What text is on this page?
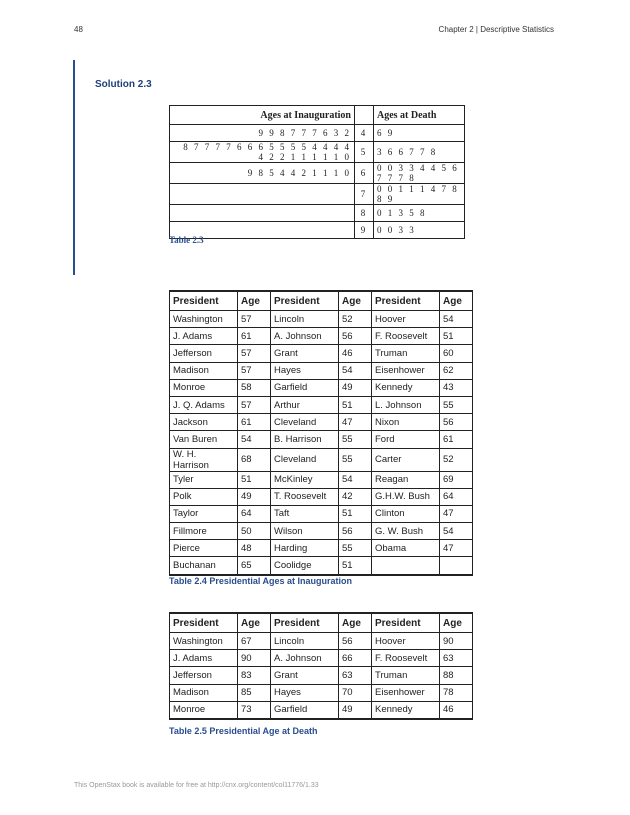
48	Chapter 2 | Descriptive Statistics
Solution 2.3
Ages at Inauguration		Ages at Death
9 9 8 7 7 7 6 3 2	4	6 9
8 7 7 7 7 6 6 6 5 5 5 5 4 4 4 4 4 2 2 1 1 1 1 1 0	5	3 6 6 7 7 8
9 8 5 4 4 2 1 1 1 0	6	0 0 3 3 4 4 5 6 7 7 7 8
	7	0 0 1 1 1 4 7 8 8 9
	8	0 1 3 5 8
	9	0 0 3 3
Table 2.3
President	Age	President	Age	President	Age
Washington	57	Lincoln	52	Hoover	54
J. Adams	61	A. Johnson	56	F. Roosevelt	51
Jefferson	57	Grant	46	Truman	60
Madison	57	Hayes	54	Eisenhower	62
Monroe	58	Garfield	49	Kennedy	43
J. Q. Adams	57	Arthur	51	L. Johnson	55
Jackson	61	Cleveland	47	Nixon	56
Van Buren	54	B. Harrison	55	Ford	61
W. H. Harrison	68	Cleveland	55	Carter	52
Tyler	51	McKinley	54	Reagan	69
Polk	49	T. Roosevelt	42	G.H.W. Bush	64
Taylor	64	Taft	51	Clinton	47
Fillmore	50	Wilson	56	G. W. Bush	54
Pierce	48	Harding	55	Obama	47
Buchanan	65	Coolidge	51		
Table 2.4 Presidential Ages at Inauguration
President	Age	President	Age	President	Age
Washington	67	Lincoln	56	Hoover	90
J. Adams	90	A. Johnson	66	F. Roosevelt	63
Jefferson	83	Grant	63	Truman	88
Madison	85	Hayes	70	Eisenhower	78
Monroe	73	Garfield	49	Kennedy	46
Table 2.5 Presidential Age at Death
This OpenStax book is available for free at http://cnx.org/content/col11776/1.33
